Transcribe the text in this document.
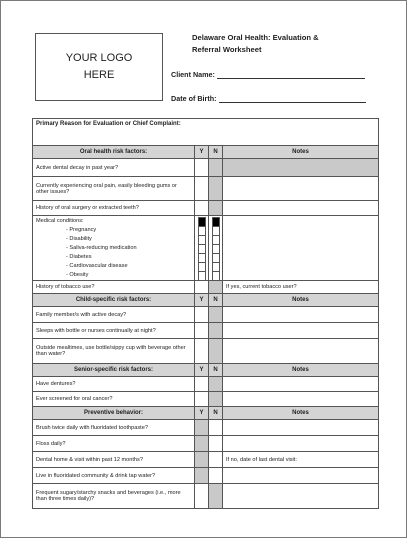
YOUR LOGO
HERE
Delaware Oral Health: Evaluation &
Referral Worksheet
Client Name:
Date of Birth:
Primary Reason for Evaluation or Chief Complaint:
Oral health risk factors:	Y	N	Notes
Active dental decay in past year?			
Currently experiencing oral pain, easily bleeding gums or other issues?			
History of oral surgery or extracted teeth?			

Medical conditions:
- Pregnancy
- Disability
- Saliva-reducing medication
- Diabetes
- Cardiovascular disease
- Obesity

History of tobacco use?			If yes, current tobacco user?
Child-specific risk factors:	Y	N	Notes
Family member/s with active decay?			
Sleeps with bottle or nurses continually at night?			
Outside mealtimes, use bottle/sippy cup with beverage other than water?			
Senior-specific risk factors:	Y	N	Notes
Have dentures?			
Ever screened for oral cancer?			
Preventive behavior:	Y	N	Notes
Brush twice daily with fluoridated toothpaste?			
Floss daily?			
Dental home & visit within past 12 months?			If no, date of last dental visit:
Live in fluoridated community & drink tap water?			
Frequent sugary/starchy snacks and beverages (i.e., more than three times daily)?			
